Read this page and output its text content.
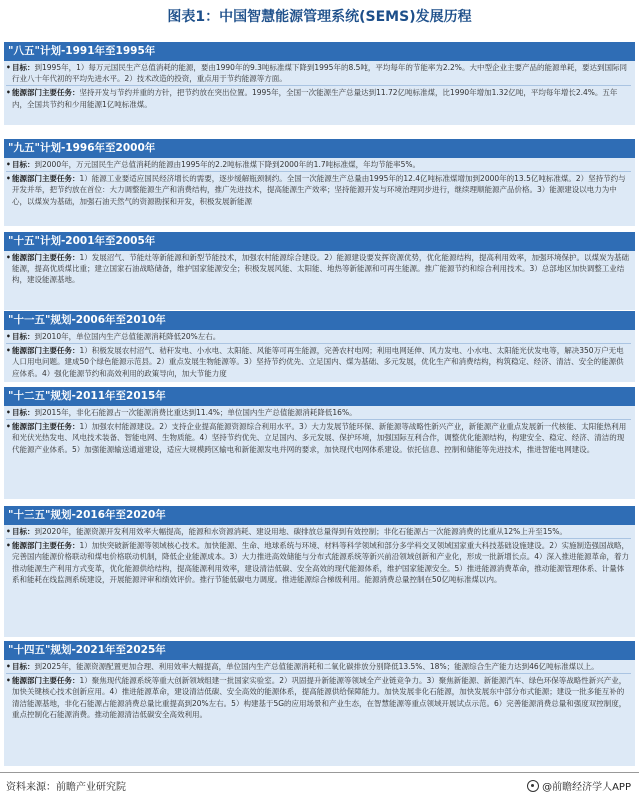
图表1：中国智慧能源管理系统(SEMS)发展历程
"八五"计划-1991年至1995年
• 目标：到1995年，1）每万元国民生产总值消耗的能源，要由1990年的9.3吨标准煤下降到1995年的8.5吨，平均每年的节能率为2.2%。大中型企业主要产品的能源单耗，要达到国际同行业八十年代初的平均先进水平。2）技术改造的投资，重点用于节约能源等方面。
• 能源部门主要任务：坚持开发与节约并重的方针，把节约放在突出位置。1995年，全国一次能源生产总量达到11.72亿吨标准煤，比1990年增加1.32亿吨，平均每年增长2.4%。五年内，全国共节约和少用能源1亿吨标准煤。
"九五"计划-1996年至2000年
• 目标：到2000年，万元国民生产总值消耗的能源由1995年的2.2吨标准煤下降到2000年的1.7吨标准煤，年均节能率5%。
• 能源部门主要任务：1）能源工业要适应国民经济增长的需要，逐步缓解瓶颈制约。全国一次能源生产总量由1995年的12.4亿吨标准煤增加到2000年的13.5亿吨标准煤。2）坚持节约与开发并举，把节约放在首位：大力调整能源生产和消费结构，推广先进技术，提高能源生产效率；坚持能源开发与环境治理同步进行，继续理顺能源产品价格。3）能源建设以电力为中心，以煤炭为基础，加强石油天然气的资源勘探和开发，积极发展新能源
"十五"计划-2001年至2005年
• 能源部门主要任务：1）发展沼气、节能灶等新能源和新型节能技术，加强农村能源综合建设。2）能源建设要发挥资源优势，优化能源结构，提高利用效率，加强环境保护。以煤炭为基础能源，提高优质煤比重；建立国家石油战略储备，维护国家能源安全；积极发展风能、太阳能、地热等新能源和可再生能源。推广能源节约和综合利用技术。3）总部地区加快调整工业结构，建设能源基地。
"十一五"规划-2006年至2010年
• 目标：到2010年，单位国内生产总值能源消耗降低20%左右。
• 能源部门主要任务：1）积极发展农村沼气、秸秆发电、小水电、太阳能、风能等可再生能源，完善农村电网；利用电网延伸、风力发电、小水电、太阳能光伏发电等，解决350万户无电人口用电问题。建成50个绿色能源示范县。2）重点发展生物能源等。3）坚持节约优先、立足国内、煤为基础、多元发展，优化生产和消费结构，构筑稳定、经济、清洁、安全的能源供应体系。4）强化能源节约和高效利用的政策导向，加大节能力度
"十二五"规划-2011年至2015年
• 目标：到2015年，非化石能源占一次能源消费比重达到11.4%；单位国内生产总值能源消耗降低16%。
• 能源部门主要任务：1）加强农村能源建设。2）支持企业提高能源资源综合利用水平。3）大力发展节能环保、新能源等战略性新兴产业，新能源产业重点发展新一代核能、太阳能热利用和光伏光热发电、风电技术装备、智能电网、生物质能。4）坚持节约优先、立足国内、多元发展、保护环境，加强国际互利合作，调整优化能源结构，构建安全、稳定、经济、清洁的现代能源产业体系。5）加强能源输送通道建设，适应大规模跨区输电和新能源发电并网的要求，加快现代电网体系建设。依托信息、控制和储能等先进技术，推进智能电网建设。
"十三五"规划-2016年至2020年
• 目标：到2020年，能源资源开发利用效率大幅提高，能源和水资源消耗、建设用地、碳排放总量得到有效控制；非化石能源占一次能源消费的比重从12%上升至15%。
• 能源部门主要任务：1）加快突破新能源等领域核心技术。加快能源、生命、地球系统与环境、材料等科学领域和部分多学科交叉领域国家重大科技基础设施建设。2）实施制造强国战略，完善国内能源价格联动和煤电价格联动机制，降低企业能源成本。3）大力推进高效储能与分布式能源系统等新兴前沿领域创新和产业化，形成一批新增长点。4）深入推进能源革命，着力推动能源生产利用方式变革，优化能源供给结构，提高能源利用效率，建设清洁低碳、安全高效的现代能源体系，维护国家能源安全。5）推进能源消费革命，推动能源管理体系、计量体系和能耗在线监测系统建设，开展能源评审和绩效评价。推行节能低碳电力调度。推进能源综合梯级利用。能源消费总量控制在50亿吨标准煤以内。
"十四五"规划-2021年至2025年
• 目标：到2025年，能源资源配置更加合理、利用效率大幅提高，单位国内生产总值能源消耗和二氧化碳排放分别降低13.5%、18%；能源综合生产能力达到46亿吨标准煤以上。
• 能源部门主要任务：1）聚焦现代能源系统等重大创新领域组建一批国家实验室。2）巩固提升新能源等领域全产业链竞争力。3）聚焦新能源、新能源汽车、绿色环保等战略性新兴产业，加快关键核心技术创新应用。4）推进能源革命，建设清洁低碳、安全高效的能源体系，提高能源供给保障能力。加快发展非化石能源，加快发展东中部分布式能源；建设一批多能互补的清洁能源基地，非化石能源占能源消费总量比重提高到20%左右。5）构建基于5G的应用场景和产业生态，在智慧能源等重点领域开展试点示范。6）完善能源消费总量和强度双控制度，重点控制化石能源消费。推动能源清洁低碳安全高效利用。
资料来源：前瞻产业研究院	@前瞻经济学人APP
